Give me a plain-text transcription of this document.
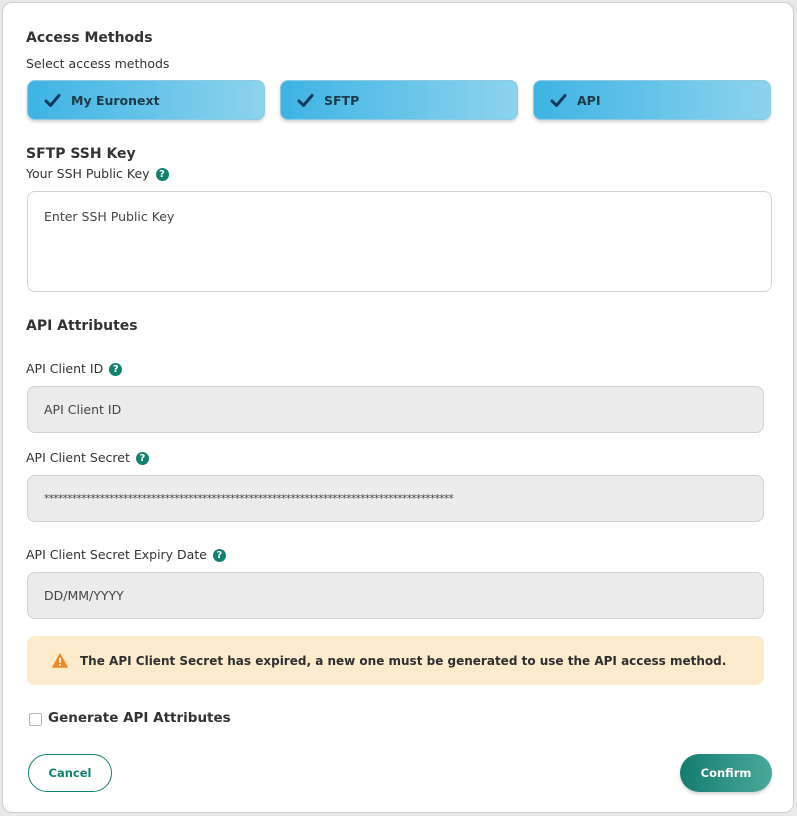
Access Methods
Select access methods
My Euronext	SFTP	API
SFTP SSH Key
Your SSH Public Key ?
Enter SSH Public Key
API Attributes
API Client ID ?
API Client ID
API Client Secret ?
****************************************************************************************
API Client Secret Expiry Date ?
DD/MM/YYYY
The API Client Secret has expired, a new one must be generated to use the API access method.
Generate API Attributes
Cancel	Confirm
